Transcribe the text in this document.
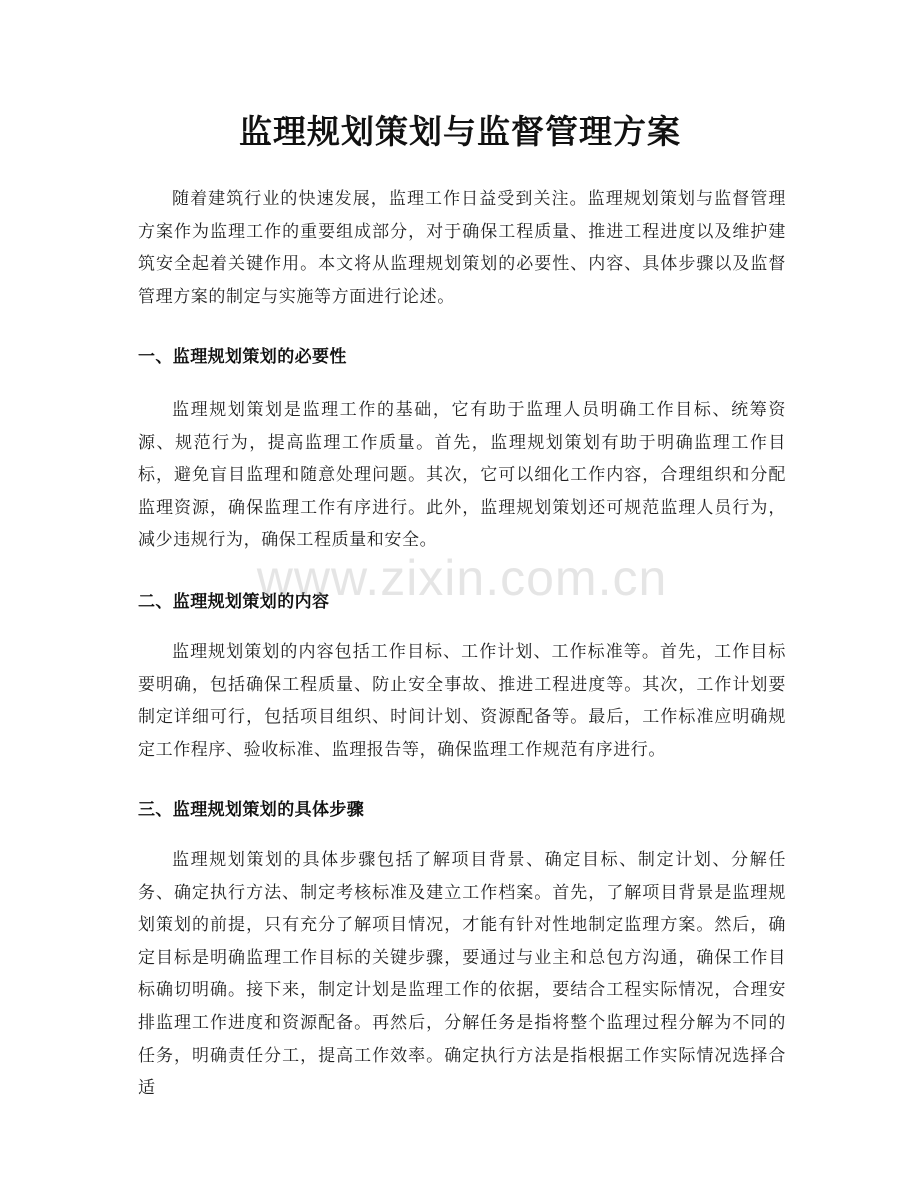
监理规划策划与监督管理方案

随着建筑行业的快速发展，监理工作日益受到关注。监理规划策划与监督管理方案作为监理工作的重要组成部分，对于确保工程质量、推进工程进度以及维护建筑安全起着关键作用。本文将从监理规划策划的必要性、内容、具体步骤以及监督管理方案的制定与实施等方面进行论述。

一、监理规划策划的必要性

监理规划策划是监理工作的基础，它有助于监理人员明确工作目标、统筹资源、规范行为，提高监理工作质量。首先，监理规划策划有助于明确监理工作目标，避免盲目监理和随意处理问题。其次，它可以细化工作内容，合理组织和分配监理资源，确保监理工作有序进行。此外，监理规划策划还可规范监理人员行为，减少违规行为，确保工程质量和安全。

二、监理规划策划的内容

监理规划策划的内容包括工作目标、工作计划、工作标准等。首先，工作目标要明确，包括确保工程质量、防止安全事故、推进工程进度等。其次，工作计划要制定详细可行，包括项目组织、时间计划、资源配备等。最后，工作标准应明确规定工作程序、验收标准、监理报告等，确保监理工作规范有序进行。

三、监理规划策划的具体步骤

监理规划策划的具体步骤包括了解项目背景、确定目标、制定计划、分解任务、确定执行方法、制定考核标准及建立工作档案。首先，了解项目背景是监理规划策划的前提，只有充分了解项目情况，才能有针对性地制定监理方案。然后，确定目标是明确监理工作目标的关键步骤，要通过与业主和总包方沟通，确保工作目标确切明确。接下来，制定计划是监理工作的依据，要结合工程实际情况，合理安排监理工作进度和资源配备。再然后，分解任务是指将整个监理过程分解为不同的任务，明确责任分工，提高工作效率。确定执行方法是指根据工作实际情况选择合适

www.zixin.com.cn
